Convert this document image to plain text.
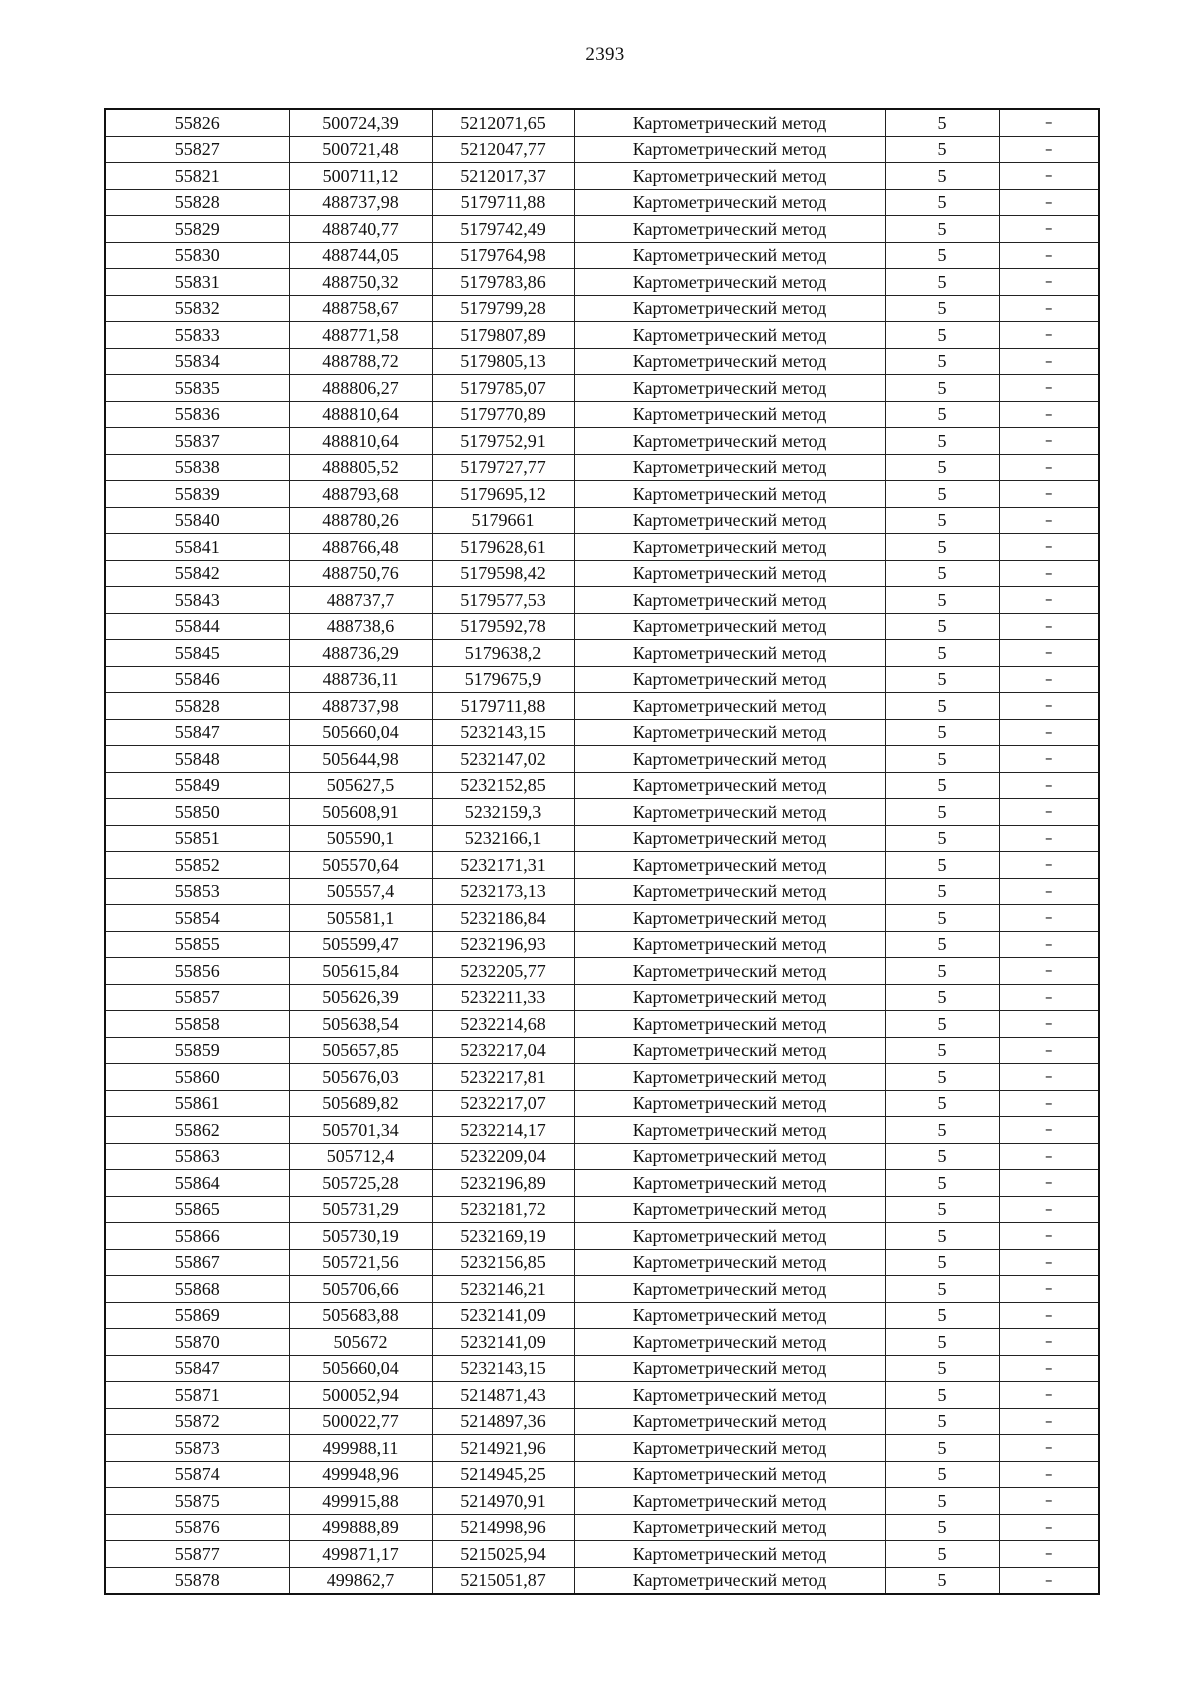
2393
55826	500724,39	5212071,65	Картометрический метод	5	–
55827	500721,48	5212047,77	Картометрический метод	5	–
55821	500711,12	5212017,37	Картометрический метод	5	–
55828	488737,98	5179711,88	Картометрический метод	5	–
55829	488740,77	5179742,49	Картометрический метод	5	–
55830	488744,05	5179764,98	Картометрический метод	5	–
55831	488750,32	5179783,86	Картометрический метод	5	–
55832	488758,67	5179799,28	Картометрический метод	5	–
55833	488771,58	5179807,89	Картометрический метод	5	–
55834	488788,72	5179805,13	Картометрический метод	5	–
55835	488806,27	5179785,07	Картометрический метод	5	–
55836	488810,64	5179770,89	Картометрический метод	5	–
55837	488810,64	5179752,91	Картометрический метод	5	–
55838	488805,52	5179727,77	Картометрический метод	5	–
55839	488793,68	5179695,12	Картометрический метод	5	–
55840	488780,26	5179661	Картометрический метод	5	–
55841	488766,48	5179628,61	Картометрический метод	5	–
55842	488750,76	5179598,42	Картометрический метод	5	–
55843	488737,7	5179577,53	Картометрический метод	5	–
55844	488738,6	5179592,78	Картометрический метод	5	–
55845	488736,29	5179638,2	Картометрический метод	5	–
55846	488736,11	5179675,9	Картометрический метод	5	–
55828	488737,98	5179711,88	Картометрический метод	5	–
55847	505660,04	5232143,15	Картометрический метод	5	–
55848	505644,98	5232147,02	Картометрический метод	5	–
55849	505627,5	5232152,85	Картометрический метод	5	–
55850	505608,91	5232159,3	Картометрический метод	5	–
55851	505590,1	5232166,1	Картометрический метод	5	–
55852	505570,64	5232171,31	Картометрический метод	5	–
55853	505557,4	5232173,13	Картометрический метод	5	–
55854	505581,1	5232186,84	Картометрический метод	5	–
55855	505599,47	5232196,93	Картометрический метод	5	–
55856	505615,84	5232205,77	Картометрический метод	5	–
55857	505626,39	5232211,33	Картометрический метод	5	–
55858	505638,54	5232214,68	Картометрический метод	5	–
55859	505657,85	5232217,04	Картометрический метод	5	–
55860	505676,03	5232217,81	Картометрический метод	5	–
55861	505689,82	5232217,07	Картометрический метод	5	–
55862	505701,34	5232214,17	Картометрический метод	5	–
55863	505712,4	5232209,04	Картометрический метод	5	–
55864	505725,28	5232196,89	Картометрический метод	5	–
55865	505731,29	5232181,72	Картометрический метод	5	–
55866	505730,19	5232169,19	Картометрический метод	5	–
55867	505721,56	5232156,85	Картометрический метод	5	–
55868	505706,66	5232146,21	Картометрический метод	5	–
55869	505683,88	5232141,09	Картометрический метод	5	–
55870	505672	5232141,09	Картометрический метод	5	–
55847	505660,04	5232143,15	Картометрический метод	5	–
55871	500052,94	5214871,43	Картометрический метод	5	–
55872	500022,77	5214897,36	Картометрический метод	5	–
55873	499988,11	5214921,96	Картометрический метод	5	–
55874	499948,96	5214945,25	Картометрический метод	5	–
55875	499915,88	5214970,91	Картометрический метод	5	–
55876	499888,89	5214998,96	Картометрический метод	5	–
55877	499871,17	5215025,94	Картометрический метод	5	–
55878	499862,7	5215051,87	Картометрический метод	5	–
